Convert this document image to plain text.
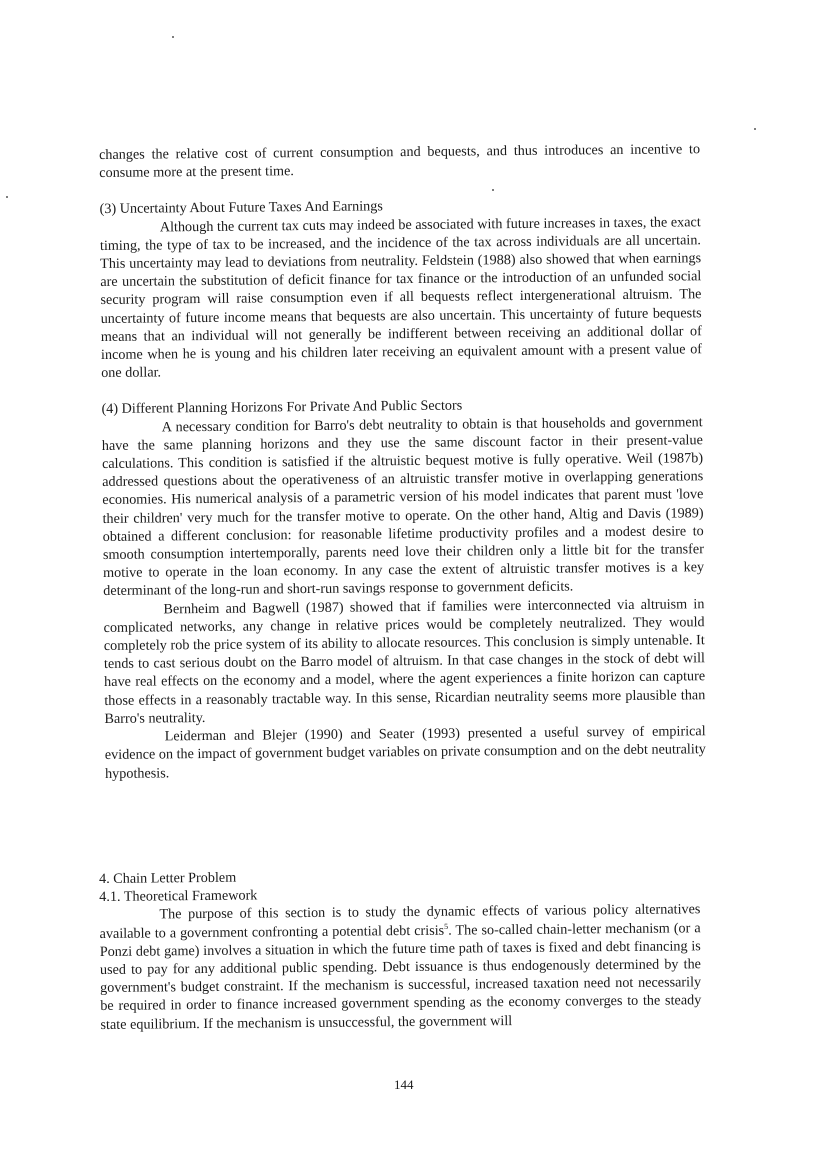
changes the relative cost of current consumption and bequests, and thus introduces an incentive to consume more at the present time.

(3) Uncertainty About Future Taxes And Earnings

Although the current tax cuts may indeed be associated with future increases in taxes, the exact timing, the type of tax to be increased, and the incidence of the tax across individuals are all uncertain. This uncertainty may lead to deviations from neutrality. Feldstein (1988) also showed that when earnings are uncertain the substitution of deficit finance for tax finance or the introduction of an unfunded social security program will raise consumption even if all bequests reflect intergenerational altruism. The uncertainty of future income means that bequests are also uncertain. This uncertainty of future bequests means that an individual will not generally be indifferent between receiving an additional dollar of income when he is young and his children later receiving an equivalent amount with a present value of one dollar.

(4) Different Planning Horizons For Private And Public Sectors

A necessary condition for Barro's debt neutrality to obtain is that households and government have the same planning horizons and they use the same discount factor in their present-value calculations. This condition is satisfied if the altruistic bequest motive is fully operative. Weil (1987b) addressed questions about the operativeness of an altruistic transfer motive in overlapping generations economies. His numerical analysis of a parametric version of his model indicates that parent must 'love their children' very much for the transfer motive to operate. On the other hand, Altig and Davis (1989) obtained a different conclusion: for reasonable lifetime productivity profiles and a modest desire to smooth consumption intertemporally, parents need love their children only a little bit for the transfer motive to operate in the loan economy. In any case the extent of altruistic transfer motives is a key determinant of the long-run and short-run savings response to government deficits.

Bernheim and Bagwell (1987) showed that if families were interconnected via altruism in complicated networks, any change in relative prices would be completely neutralized. They would completely rob the price system of its ability to allocate resources. This conclusion is simply untenable. It tends to cast serious doubt on the Barro model of altruism. In that case changes in the stock of debt will have real effects on the economy and a model, where the agent experiences a finite horizon can capture those effects in a reasonably tractable way. In this sense, Ricardian neutrality seems more plausible than Barro's neutrality.

Leiderman and Blejer (1990) and Seater (1993) presented a useful survey of empirical evidence on the impact of government budget variables on private consumption and on the debt neutrality hypothesis.

4. Chain Letter Problem

4.1. Theoretical Framework

The purpose of this section is to study the dynamic effects of various policy alternatives available to a government confronting a potential debt crisis$^5$. The so-called chain-letter mechanism (or a Ponzi debt game) involves a situation in which the future time path of taxes is fixed and debt financing is used to pay for any additional public spending. Debt issuance is thus endogenously determined by the government's budget constraint. If the mechanism is successful, increased taxation need not necessarily be required in order to finance increased government spending as the economy converges to the steady state equilibrium. If the mechanism is unsuccessful, the government will

144
